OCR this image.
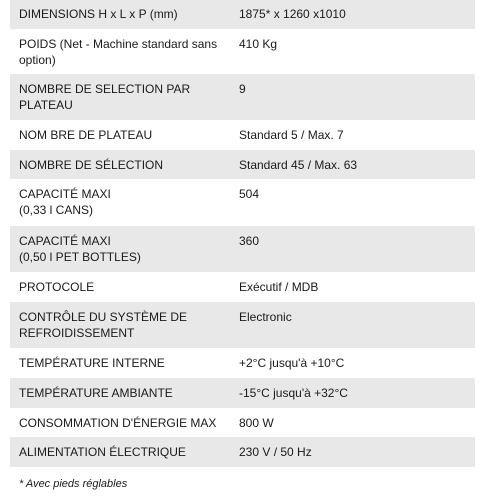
DIMENSIONS H x L x P (mm)	1875* x 1260 x1010
POIDS (Net - Machine standard sans option)	410 Kg
NOMBRE DE SELECTION PAR PLATEAU	9
NOM BRE DE PLATEAU	Standard 5 / Max. 7
NOMBRE DE SÉLECTION	Standard 45 / Max. 63
CAPACITÉ MAXI
(0,33 l CANS)	504
CAPACITÉ MAXI
(0,50 l PET BOTTLES)	360
PROTOCOLE	Exécutif / MDB
CONTRÔLE DU SYSTÈME DE REFROIDISSEMENT	Electronic
TEMPÉRATURE INTERNE	+2°C jusqu'à +10°C
TEMPÉRATURE AMBIANTE	-15°C jusqu'à +32°C
CONSOMMATION D'ÉNERGIE MAX	800 W
ALIMENTATION ÉLECTRIQUE	230 V / 50 Hz
* Avec pieds réglables
